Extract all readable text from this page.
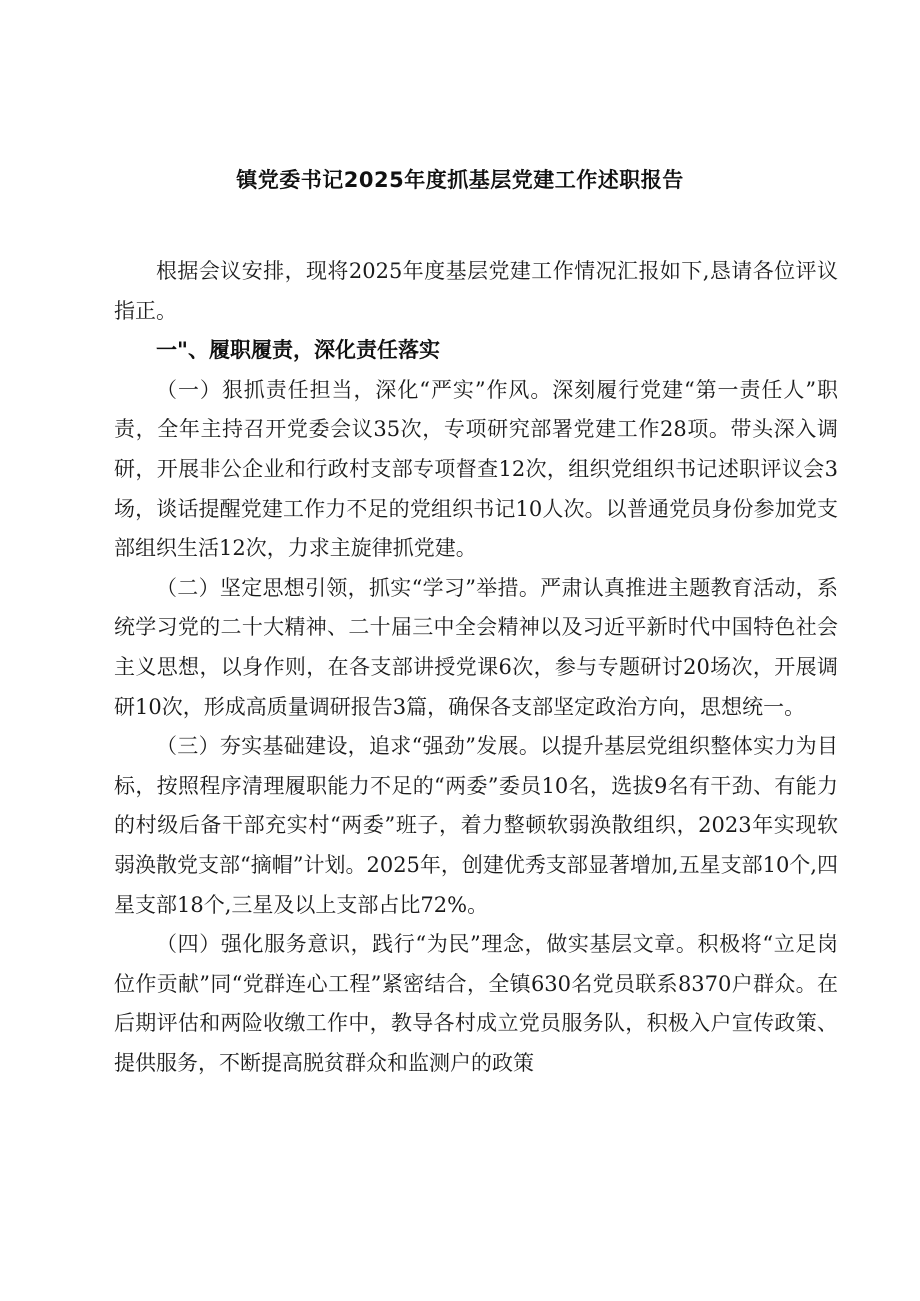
镇党委书记2025年度抓基层党建工作述职报告

根据会议安排，现将2025年度基层党建工作情况汇报如下,恳请各位评议指正。

一"、履职履责，深化责任落实

（一）狠抓责任担当，深化“严实”作风。深刻履行党建“第一责任人”职责，全年主持召开党委会议35次，专项研究部署党建工作28项。带头深入调研，开展非公企业和行政村支部专项督查12次，组织党组织书记述职评议会3场，谈话提醒党建工作力不足的党组织书记10人次。以普通党员身份参加党支部组织生活12次，力求主旋律抓党建。

（二）坚定思想引领，抓实“学习”举措。严肃认真推进主题教育活动，系统学习党的二十大精神、二十届三中全会精神以及习近平新时代中国特色社会主义思想，以身作则，在各支部讲授党课6次，参与专题研讨20场次，开展调研10次，形成高质量调研报告3篇，确保各支部坚定政治方向，思想统一。

（三）夯实基础建设，追求“强劲”发展。以提升基层党组织整体实力为目标，按照程序清理履职能力不足的“两委”委员10名，选拔9名有干劲、有能力的村级后备干部充实村“两委”班子，着力整顿软弱涣散组织，2023年实现软弱涣散党支部“摘帽”计划。2025年，创建优秀支部显著增加,五星支部10个,四星支部18个,三星及以上支部占比72%。

（四）强化服务意识，践行“为民”理念，做实基层文章。积极将“立足岗位作贡献”同“党群连心工程”紧密结合，全镇630名党员联系8370户群众。在后期评估和两险收缴工作中，教导各村成立党员服务队，积极入户宣传政策、提供服务，不断提高脱贫群众和监测户的政策
